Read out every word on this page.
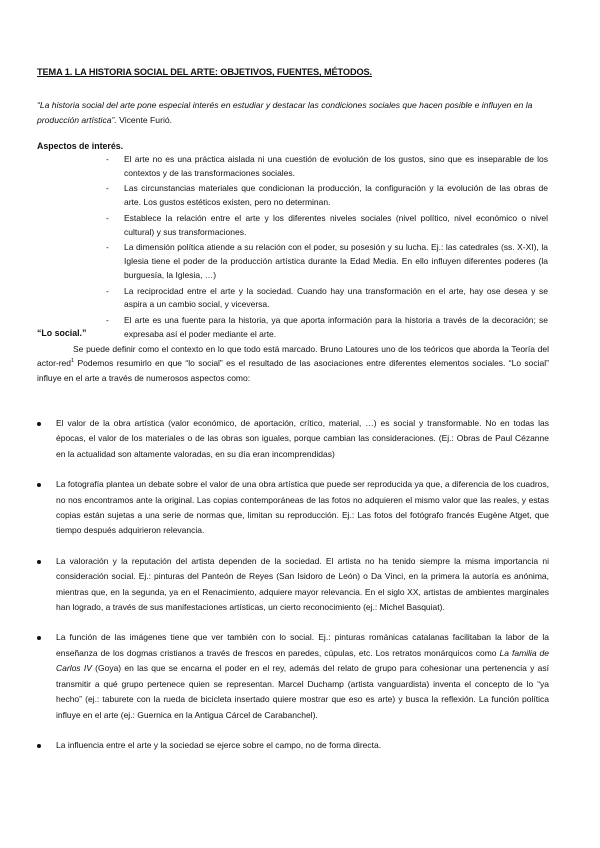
TEMA 1. LA HISTORIA SOCIAL DEL ARTE: OBJETIVOS, FUENTES, MÉTODOS.
“La historia social del arte pone especial interés en estudiar y destacar las condiciones sociales que hacen posible e influyen en la producción artística”. Vicente Furió.
Aspectos de interés.
- El arte no es una práctica aislada ni una cuestión de evolución de los gustos, sino que es inseparable de los contextos y de las transformaciones sociales.
- Las circunstancias materiales que condicionan la producción, la configuración y la evolución de las obras de arte. Los gustos estéticos existen, pero no determinan.
- Establece la relación entre el arte y los diferentes niveles sociales (nivel político, nivel económico o nivel cultural) y sus transformaciones.
- La dimensión política atiende a su relación con el poder, su posesión y su lucha. Ej.: las catedrales (ss. X-XI), la Iglesia tiene el poder de la producción artística durante la Edad Media. En ello influyen diferentes poderes (la burguesía, la Iglesia, …)
- La reciprocidad entre el arte y la sociedad. Cuando hay una transformación en el arte, hay ose desea y se aspira a un cambio social, y viceversa.
- El arte es una fuente para la historia, ya que aporta información para la historia a través de la decoración; se expresaba así el poder mediante el arte.
“Lo social.”
Se puede definir como el contexto en lo que todo está marcado. Bruno Latoures uno de los teóricos que aborda la Teoría del actor-red$^1$ Podemos resumirlo en que “lo social” es el resultado de las asociaciones entre diferentes elementos sociales. “Lo social” influye en el arte a través de numerosos aspectos como:
El valor de la obra artística (valor económico, de aportación, crítico, material, …) es social y transformable. No en todas las épocas, el valor de los materiales o de las obras son iguales, porque cambian las consideraciones. (Ej.: Obras de Paul Cézanne en la actualidad son altamente valoradas, en su día eran incomprendidas)
La fotografía plantea un debate sobre el valor de una obra artística que puede ser reproducida ya que, a diferencia de los cuadros, no nos encontramos ante la original. Las copias contemporáneas de las fotos no adquieren el mismo valor que las reales, y estas copias están sujetas a una serie de normas que, limitan su reproducción. Ej.: Las fotos del fotógrafo francés Eugène Atget, que tiempo después adquirieron relevancia.
La valoración y la reputación del artista dependen de la sociedad. El artista no ha tenido siempre la misma importancia ni consideración social. Ej.: pinturas del Panteón de Reyes (San Isidoro de León) o Da Vinci, en la primera la autoría es anónima, mientras que, en la segunda, ya en el Renacimiento, adquiere mayor relevancia. En el siglo XX, artistas de ambientes marginales han logrado, a través de sus manifestaciones artísticas, un cierto reconocimiento (ej.: Michel Basquiat).
La función de las imágenes tiene que ver también con lo social. Ej.: pinturas románicas catalanas facilitaban la labor de la enseñanza de los dogmas cristianos a través de frescos en paredes, cúpulas, etc. Los retratos monárquicos como La familia de Carlos IV (Goya) en las que se encarna el poder en el rey, además del relato de grupo para cohesionar una pertenencia y así transmitir a qué grupo pertenece quien se representan. Marcel Duchamp (artista vanguardista) inventa el concepto de lo “ya hecho” (ej.: taburete con la rueda de bicicleta insertado quiere mostrar que eso es arte) y busca la reflexión. La función política influye en el arte (ej.: Guernica en la Antigua Cárcel de Carabanchel).
La influencia entre el arte y la sociedad se ejerce sobre el campo, no de forma directa.
